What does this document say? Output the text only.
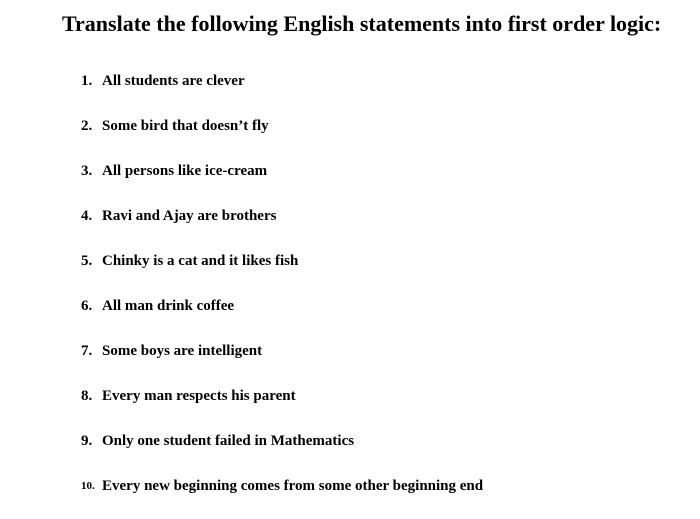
Translate the following English statements into first order logic:
1. All students are clever
2. Some bird that doesn’t fly
3. All persons like ice-cream
4. Ravi and Ajay are brothers
5. Chinky is a cat and it likes fish
6. All man drink coffee
7. Some boys are intelligent
8. Every man respects his parent
9. Only one student failed in Mathematics
10. Every new beginning comes from some other beginning end
